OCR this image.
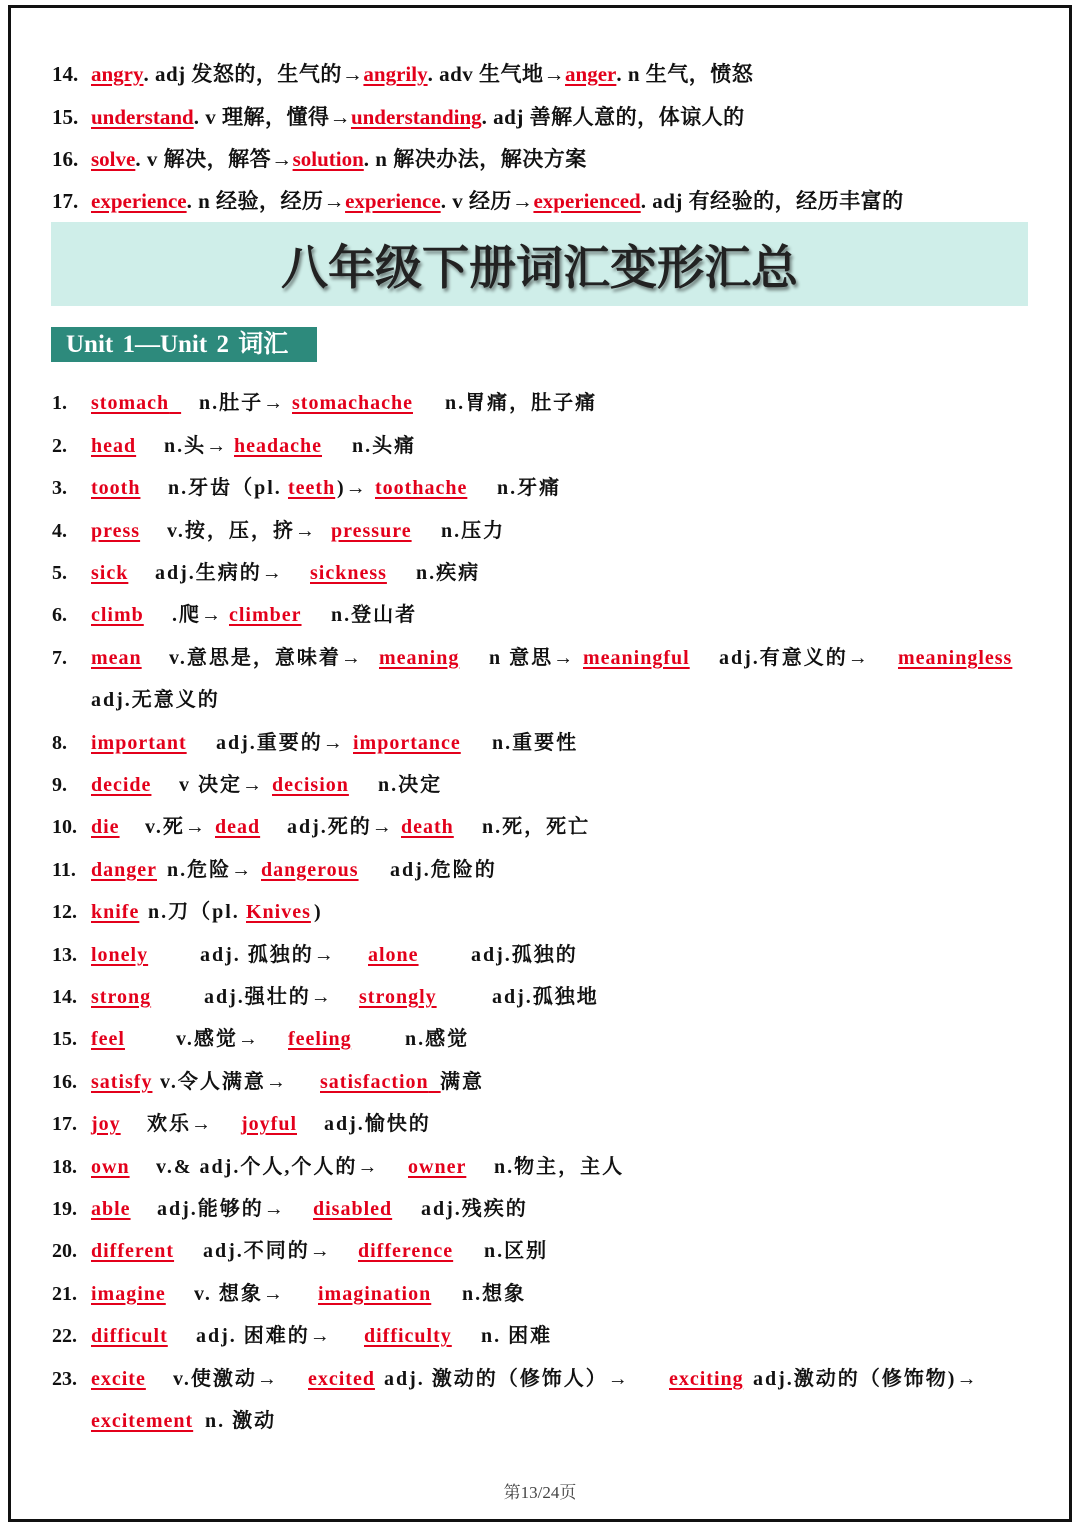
14. angry . adj 发怒的，生气的→ angrily . adv 生气地→ anger . n 生气，愤怒
15. understand . v 理解，懂得→ understanding . adj 善解人意的，体谅人的
16. solve . v 解决，解答→ solution . n 解决办法，解决方案
17. experience . n 经验，经历→ experience . v 经历→ experienced . adj 有经验的，经历丰富的
八年级下册词汇变形汇总
Unit 1—Unit 2 词汇
1. stomach	n.肚子→ stomachache n.胃痛，肚子痛
2. head n.头→ headache n.头痛
3. tooth n.牙齿（pl. teeth )→ toothache n.牙痛
4. press v.按，压，挤→ pressure n.压力
5. sick adj.生病的→ sickness n.疾病
6. climb .爬→ climber n.登山者
7. mean v.意思是，意味着→ meaning n 意思→ meaningful adj.有意义的→ meaningless
adj.无意义的
8. important adj.重要的→ importance n.重要性
9. decide v 决定→ decision n.决定
10. die v.死→ dead adj.死的→ death n.死，死亡
11. danger n.危险→ dangerous adj.危险的
12. knife n.刀（pl. Knives )
13. lonely	adj. 孤独的→ alone	adj.孤独的
14. strong	adj.强壮的→ strongly	adj.孤独地
15. feel	v.感觉→ feeling	n.感觉
16. satisfy v.令人满意→ satisfaction 满意
17. joy 欢乐→ joyful adj.愉快的
18. own v.& adj.个人,个人的→ owner n.物主，主人
19. able adj.能够的→ disabled adj.残疾的
20. different adj.不同的→ difference n.区别
21. imagine v. 想象→ imagination n.想象
22. difficult adj. 困难的→ difficulty n. 困难
23. excite v.使激动→ excited adj. 激动的（修饰人）→ exciting adj.激动的（修饰物)→
excitement n. 激动
第13/24页
